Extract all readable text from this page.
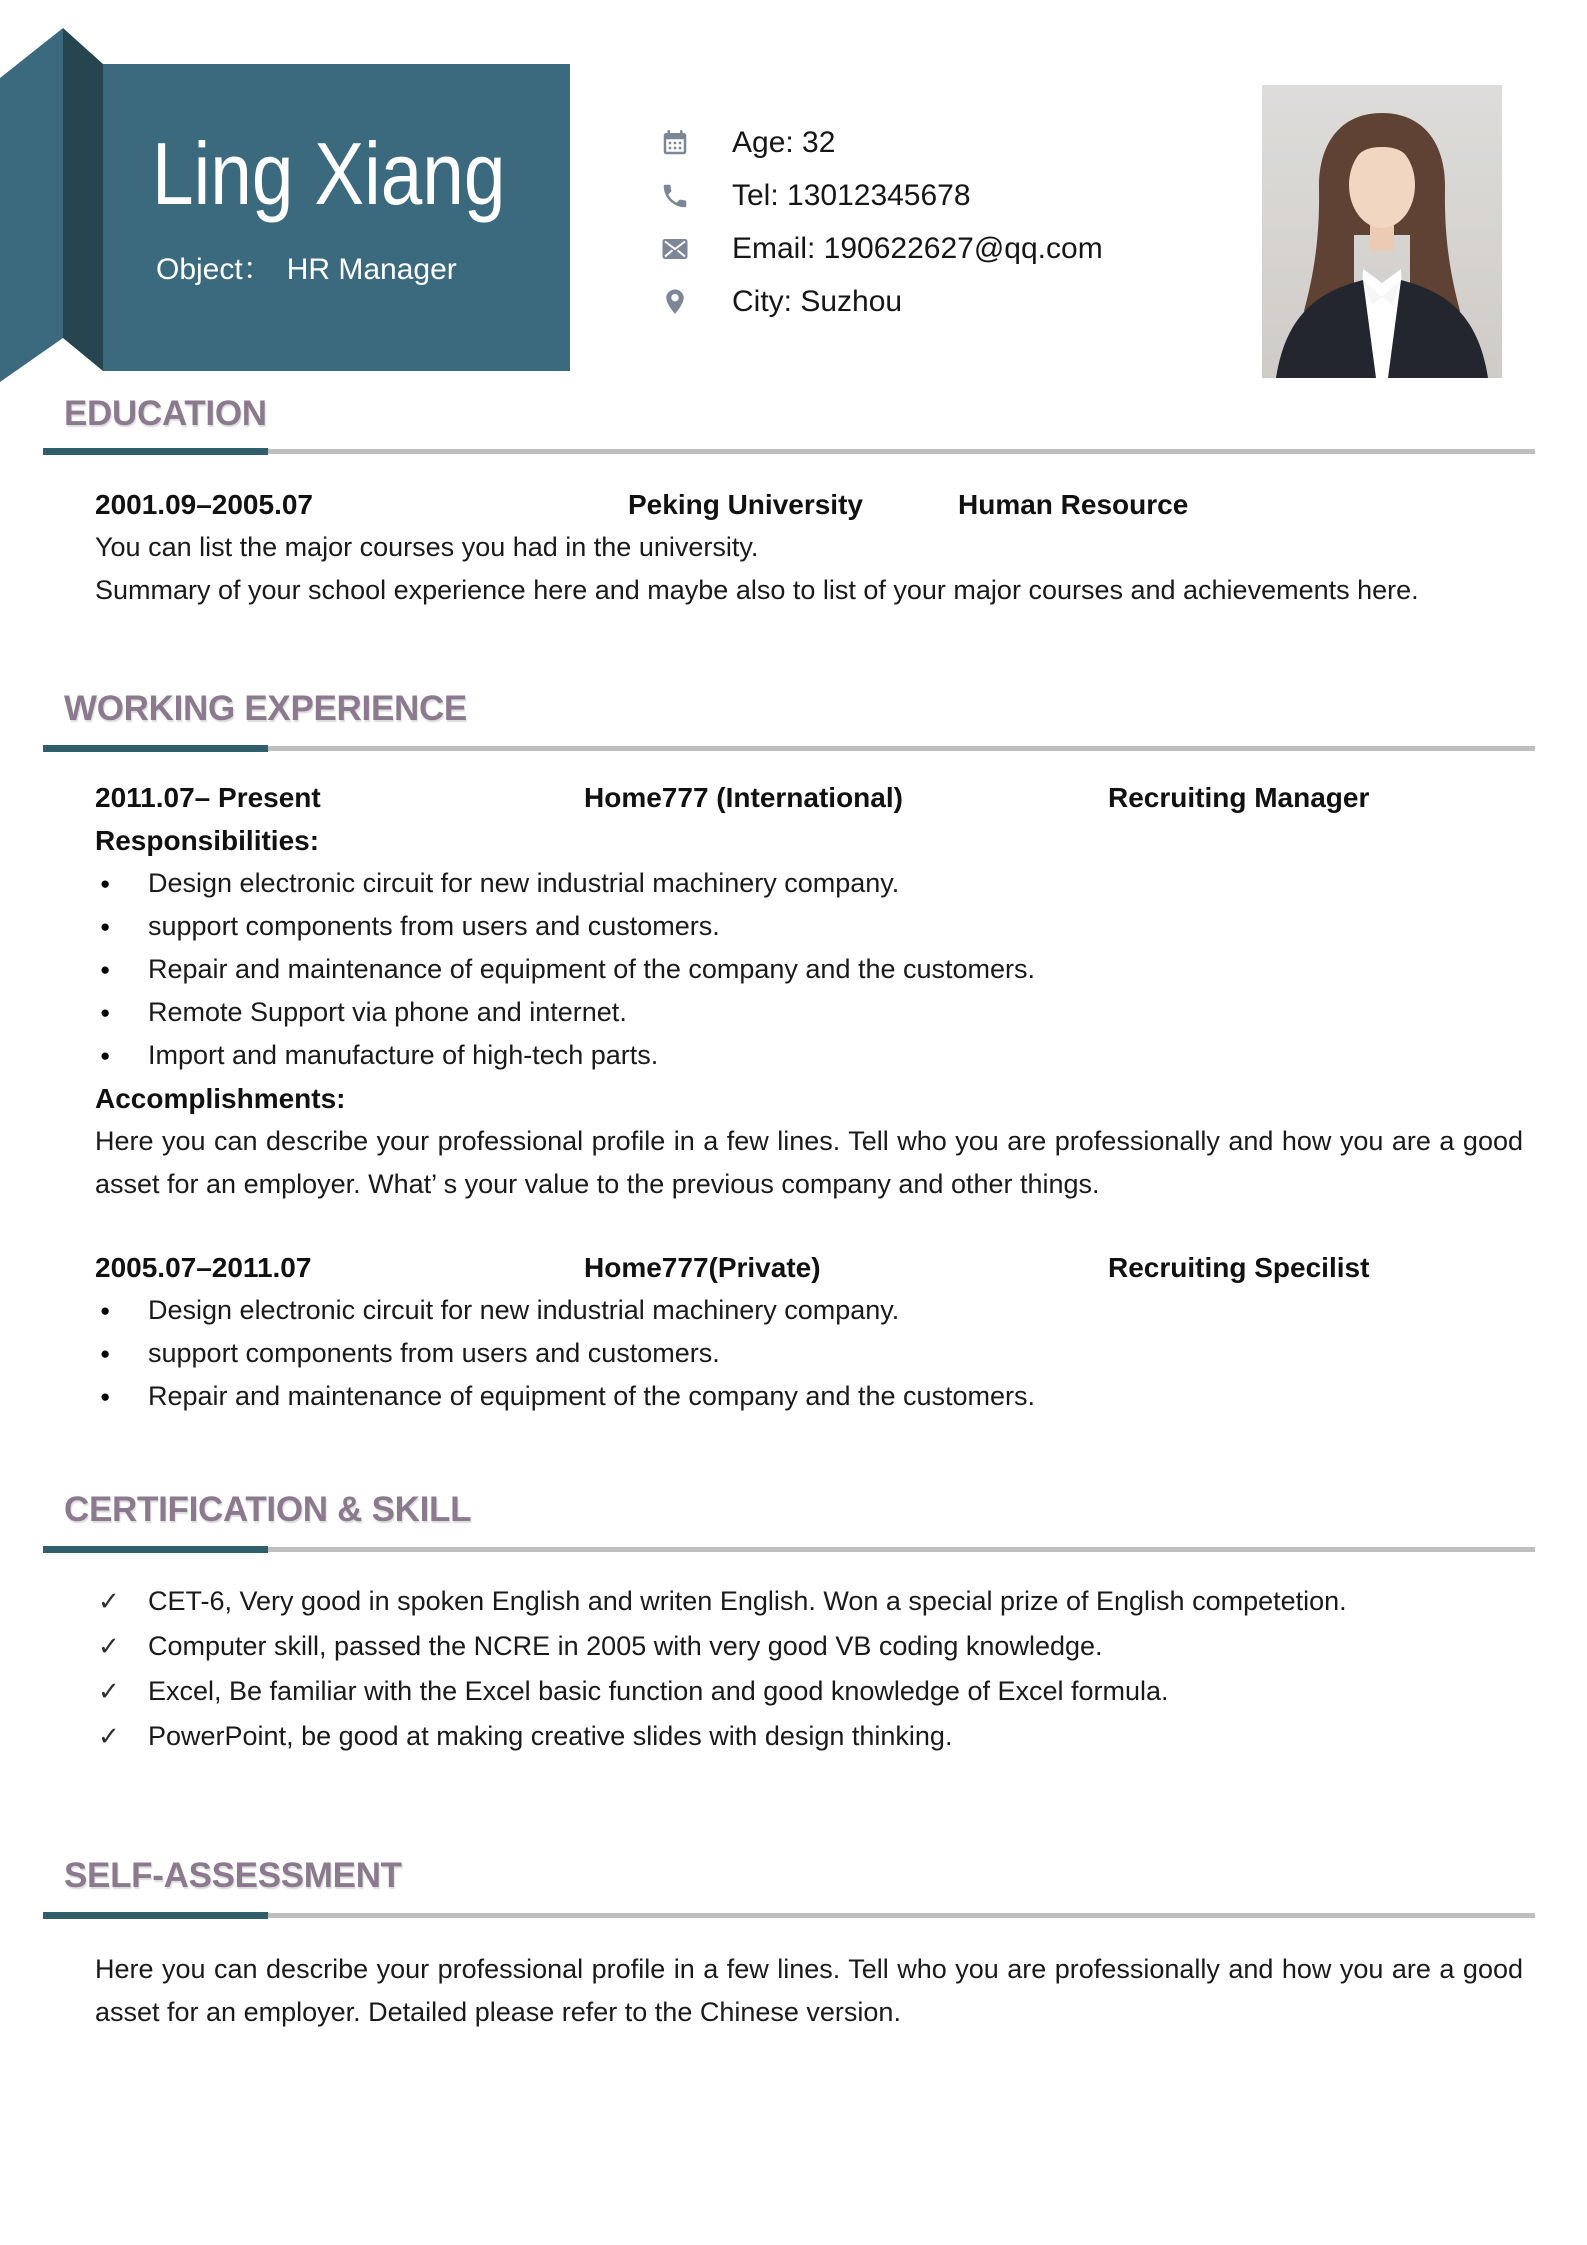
Ling Xiang
Object： HR Manager
Age: 32
Tel: 13012345678
Email: 190622627@qq.com
City: Suzhou
EDUCATION
2001.09–2005.07	Peking University	Human Resource

You can list the major courses you had in the university.

Summary of your school experience here and maybe also to list of your major courses and achievements here.

WORKING EXPERIENCE
2011.07– Present	Home777 (International)	Recruiting Manager
Responsibilities:
● Design electronic circuit for new industrial machinery company.
● support components from users and customers.
● Repair and maintenance of equipment of the company and the customers.
● Remote Support via phone and internet.
● Import and manufacture of high-tech parts.
Accomplishments:

Here you can describe your professional profile in a few lines. Tell who you are professionally and how you are a good asset for an employer. What’ s your value to the previous company and other things.

2005.07–2011.07	Home777(Private)	Recruiting Specilist
● Design electronic circuit for new industrial machinery company.
● support components from users and customers.
● Repair and maintenance of equipment of the company and the customers.
CERTIFICATION & SKILL
✓ CET-6, Very good in spoken English and writen English. Won a special prize of English competetion.
✓ Computer skill, passed the NCRE in 2005 with very good VB coding knowledge.
✓ Excel, Be familiar with the Excel basic function and good knowledge of Excel formula.
✓ PowerPoint, be good at making creative slides with design thinking.
SELF-ASSESSMENT

Here you can describe your professional profile in a few lines. Tell who you are professionally and how you are a good asset for an employer. Detailed please refer to the Chinese version.
